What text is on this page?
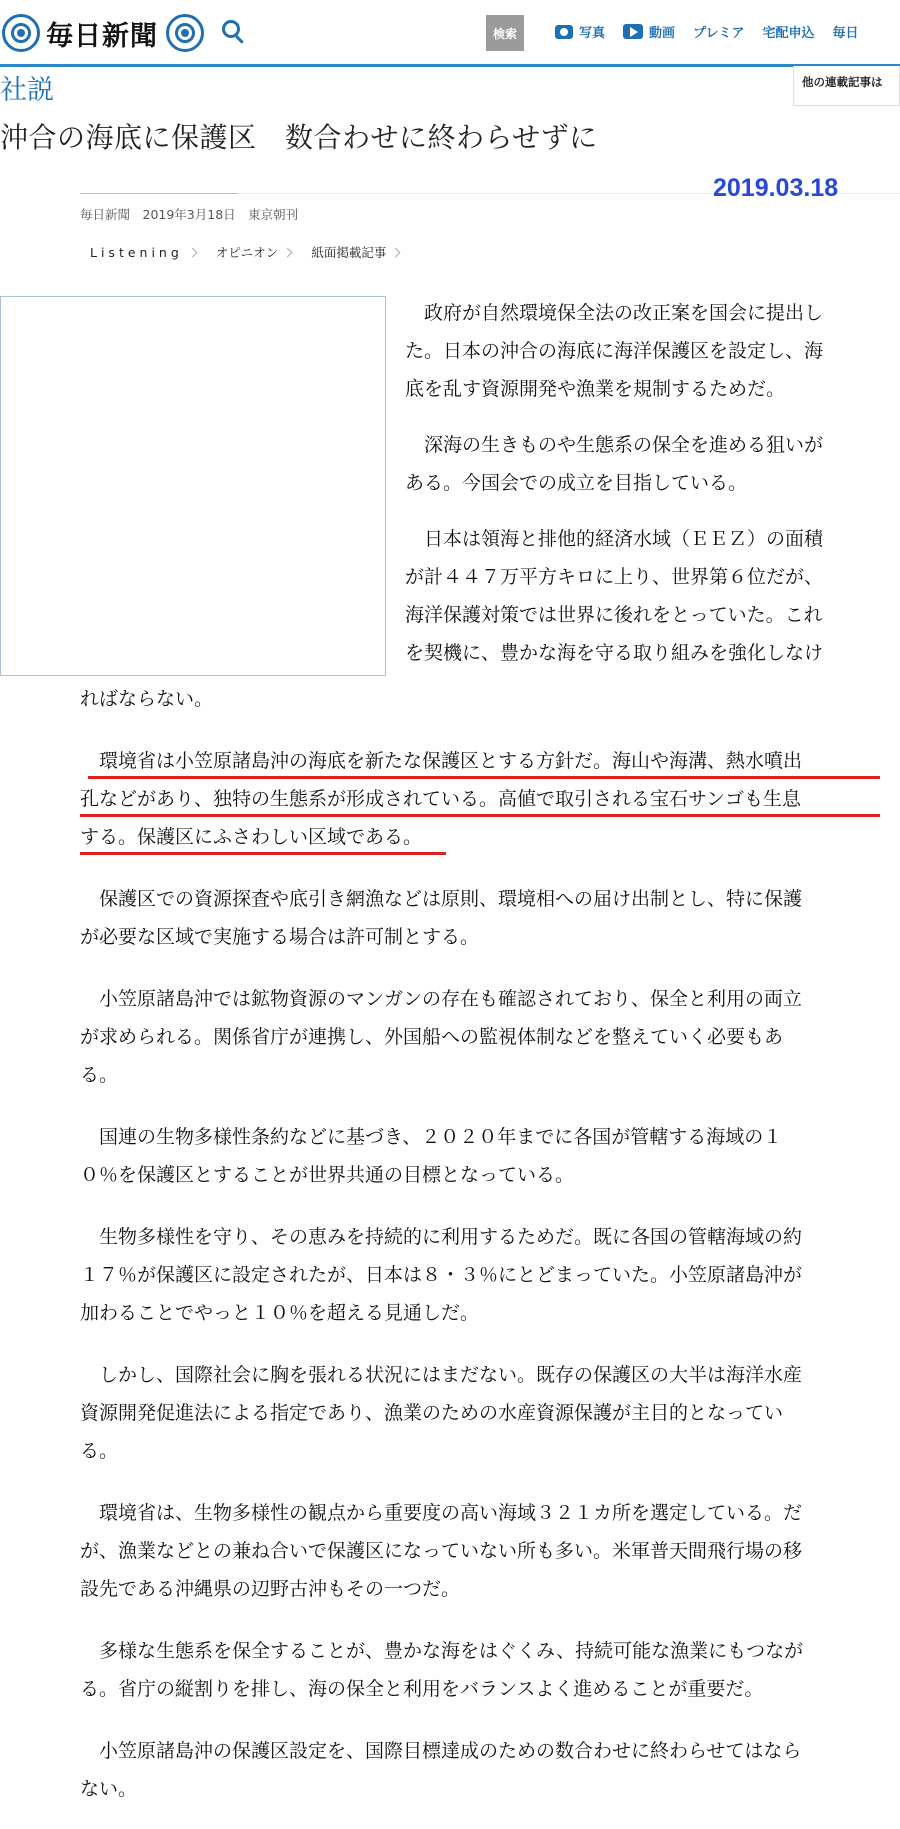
毎日新聞	検索	写真	動画 プレミア 宅配申込 毎日
社説	他の連載記事は
沖合の海底に保護区　数合わせに終わらせずに
2019.03.18
毎日新聞　2019年3月18日　東京朝刊
Listening	オピニオン	紙面掲載記事
　政府が自然環境保全法の改正案を国会に提出し
た。日本の沖合の海底に海洋保護区を設定し、海
底を乱す資源開発や漁業を規制するためだ。
　深海の生きものや生態系の保全を進める狙いが
ある。今国会での成立を目指している。
　日本は領海と排他的経済水域（ＥＥＺ）の面積
が計４４７万平方キロに上り、世界第６位だが、
海洋保護対策では世界に後れをとっていた。これ
を契機に、豊かな海を守る取り組みを強化しなけ
ればならない。
　環境省は小笠原諸島沖の海底を新たな保護区とする方針だ。海山や海溝、熱水噴出
孔などがあり、独特の生態系が形成されている。高値で取引される宝石サンゴも生息
する。保護区にふさわしい区域である。
　保護区での資源探査や底引き網漁などは原則、環境相への届け出制とし、特に保護
が必要な区域で実施する場合は許可制とする。
　小笠原諸島沖では鉱物資源のマンガンの存在も確認されており、保全と利用の両立
が求められる。関係省庁が連携し、外国船への監視体制などを整えていく必要もあ
る。
　国連の生物多様性条約などに基づき、２０２０年までに各国が管轄する海域の１
０％を保護区とすることが世界共通の目標となっている。
　生物多様性を守り、その恵みを持続的に利用するためだ。既に各国の管轄海域の約
１７％が保護区に設定されたが、日本は８・３％にとどまっていた。小笠原諸島沖が
加わることでやっと１０％を超える見通しだ。
　しかし、国際社会に胸を張れる状況にはまだない。既存の保護区の大半は海洋水産
資源開発促進法による指定であり、漁業のための水産資源保護が主目的となってい
る。
　環境省は、生物多様性の観点から重要度の高い海域３２１カ所を選定している。だ
が、漁業などとの兼ね合いで保護区になっていない所も多い。米軍普天間飛行場の移
設先である沖縄県の辺野古沖もその一つだ。
　多様な生態系を保全することが、豊かな海をはぐくみ、持続可能な漁業にもつなが
る。省庁の縦割りを排し、海の保全と利用をバランスよく進めることが重要だ。
　小笠原諸島沖の保護区設定を、国際目標達成のための数合わせに終わらせてはなら
ない。
